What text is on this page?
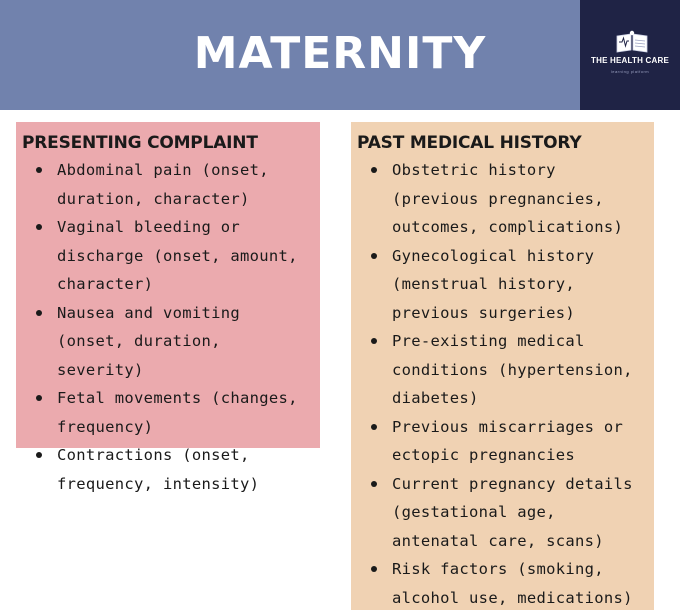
MATERNITY	THE HEALTH CARE
learning platform
PRESENTING COMPLAINT
Abdominal pain (onset, duration, character)
Vaginal bleeding or discharge (onset, amount, character)
Nausea and vomiting (onset, duration, severity)
Fetal movements (changes, frequency)
Contractions (onset, frequency, intensity)
PAST MEDICAL HISTORY
Obstetric history (previous pregnancies, outcomes, complications)
Gynecological history (menstrual history, previous surgeries)
Pre-existing medical conditions (hypertension, diabetes)
Previous miscarriages or ectopic pregnancies
Current pregnancy details (gestational age, antenatal care, scans)
Risk factors (smoking, alcohol use, medications)
